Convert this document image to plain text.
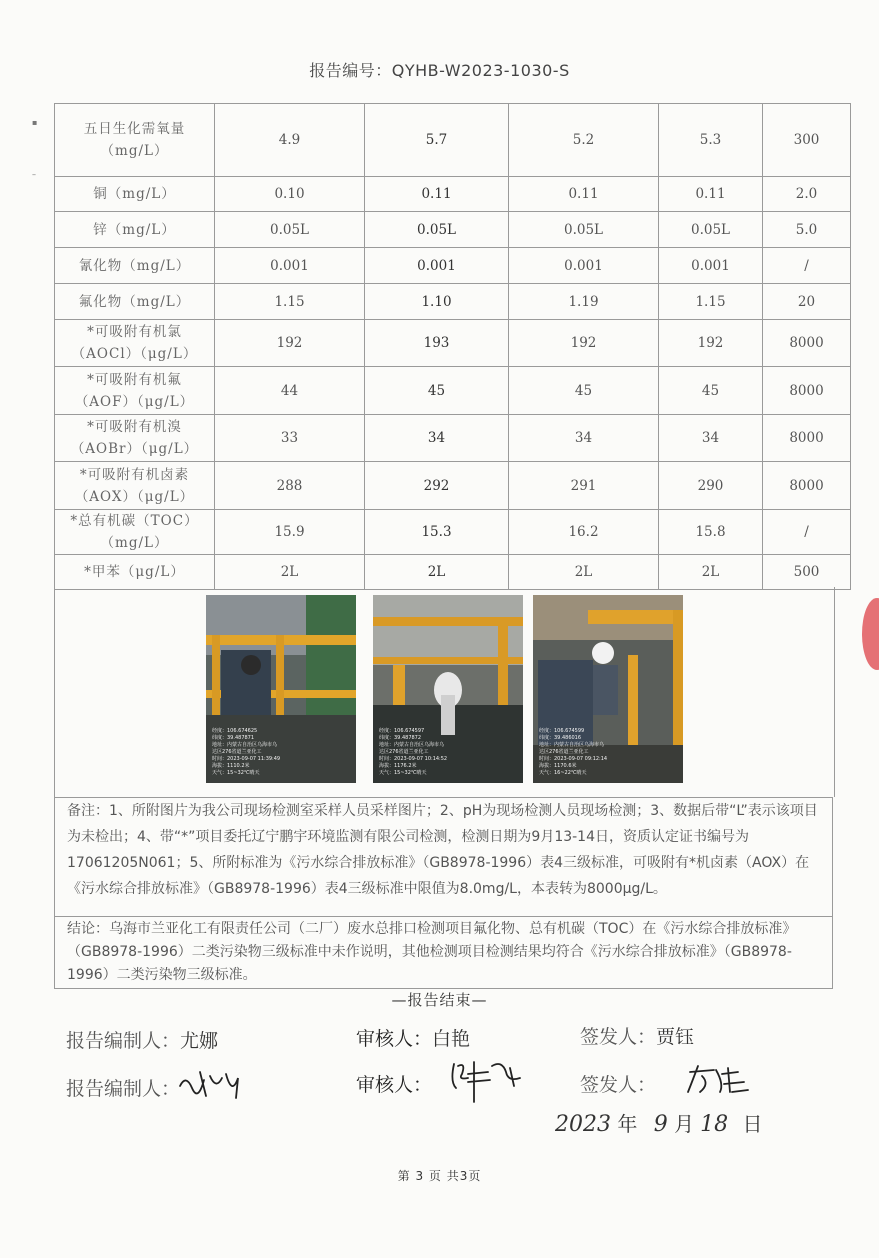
▪
–
报告编号：QYHB-W2023-1030-S
五日生化需氧量
（mg/L）	4.9	5.7	5.2	5.3	300
铜（mg/L）	0.10	0.11	0.11	0.11	2.0
锌（mg/L）	0.05L	0.05L	0.05L	0.05L	5.0
氰化物（mg/L）	0.001	0.001	0.001	0.001	/
氟化物（mg/L）	1.15	1.10	1.19	1.15	20
*可吸附有机氯
（AOCl）（μg/L）	192	193	192	192	8000
*可吸附有机氟
（AOF）（μg/L）	44	45	45	45	8000
*可吸附有机溴
（AOBr）（μg/L）	33	34	34	34	8000
*可吸附有机卤素
（AOX）（μg/L）	288	292	291	290	8000
*总有机碳（TOC）
（mg/L）	15.9	15.3	16.2	15.8	/
*甲苯（μg/L）	2L	2L	2L	2L	500
经度：106.674625
纬度：39.487871
地址：内蒙古自治区乌海市乌
达区276省道兰亚化工
时间：2023-09-07 11:39:49
海拔：1110.2米
天气：15~32℃晴天
经度：106.674597
纬度：39.487872
地址：内蒙古自治区乌海市乌
达区276省道兰亚化工
时间：2023-09-07 10:14:52
海拔：1176.2米
天气：15~32℃晴天
经度：106.674599
纬度：39.486016
地址：内蒙古自治区乌海市乌
达区276省道兰亚化工
时间：2023-09-07 09:12:14
海拔：1170.6米
天气：16~22℃晴天
备注：1、所附图片为我公司现场检测室采样人员采样图片；2、pH为现场检测人员现场检测；3、数据后带“L”表示该项目为未检出；4、带“*”项目委托辽宁鹏宇环境监测有限公司检测，检测日期为9月13-14日，资质认定证书编号为17061205N061；5、所附标准为《污水综合排放标准》（GB8978-1996）表4三级标准，可吸附有*机卤素（AOX）在《污水综合排放标准》（GB8978-1996）表4三级标准中限值为8.0mg/L，本表转为8000μg/L。
结论：乌海市兰亚化工有限责任公司（二厂）废水总排口检测项目氟化物、总有机碳（TOC）在《污水综合排放标准》（GB8978-1996）二类污染物三级标准中未作说明，其他检测项目检测结果均符合《污水综合排放标准》（GB8978-1996）二类污染物三级标准。
—报告结束—
报告编制人：尤娜	审核人：白艳	签发人：贾钰
报告编制人：	审核人：	签发人：
2023 年 9 月 18 日
第 3 页 共3页
